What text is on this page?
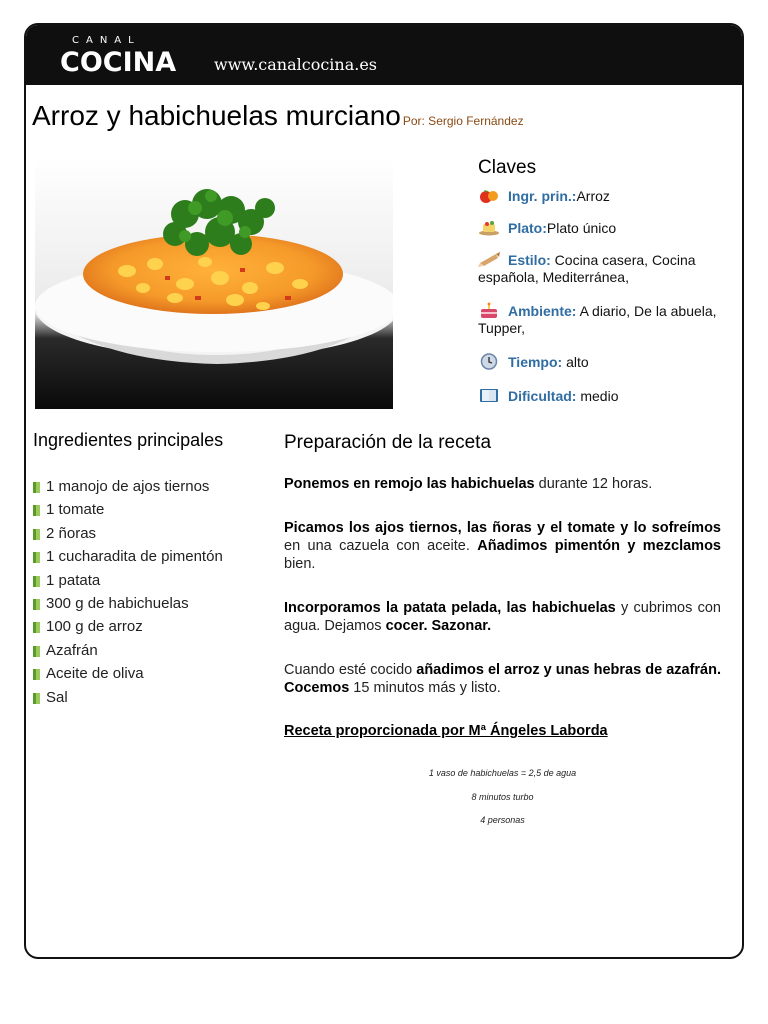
CANAL
COCINA www.canalcocina.es
Arroz y habichuelas murciano Por: Sergio Fernández
Claves
Ingr. prin.:Arroz
Plato:Plato único
Estilo: Cocina casera, Cocina española, Mediterránea,
Ambiente: A diario, De la abuela, Tupper,
Tiempo: alto
Dificultad: medio
Ingredientes principales
1 manojo de ajos tiernos
1 tomate
2 ñoras
1 cucharadita de pimentón
1 patata
300 g de habichuelas
100 g de arroz
Azafrán
Aceite de oliva
Sal
Preparación de la receta
Ponemos en remojo las habichuelas durante 12 horas.
Picamos los ajos tiernos, las ñoras y el tomate y lo sofreímos en una cazuela con aceite. Añadimos pimentón y mezclamos bien.
Incorporamos la patata pelada, las habichuelas y cubrimos con agua. Dejamos cocer. Sazonar.
Cuando esté cocido añadimos el arroz y unas hebras de azafrán. Cocemos 15 minutos más y listo.
Receta proporcionada por Mª Ángeles Laborda
1 vaso de habichuelas = 2,5 de agua
8 minutos turbo
4 personas
